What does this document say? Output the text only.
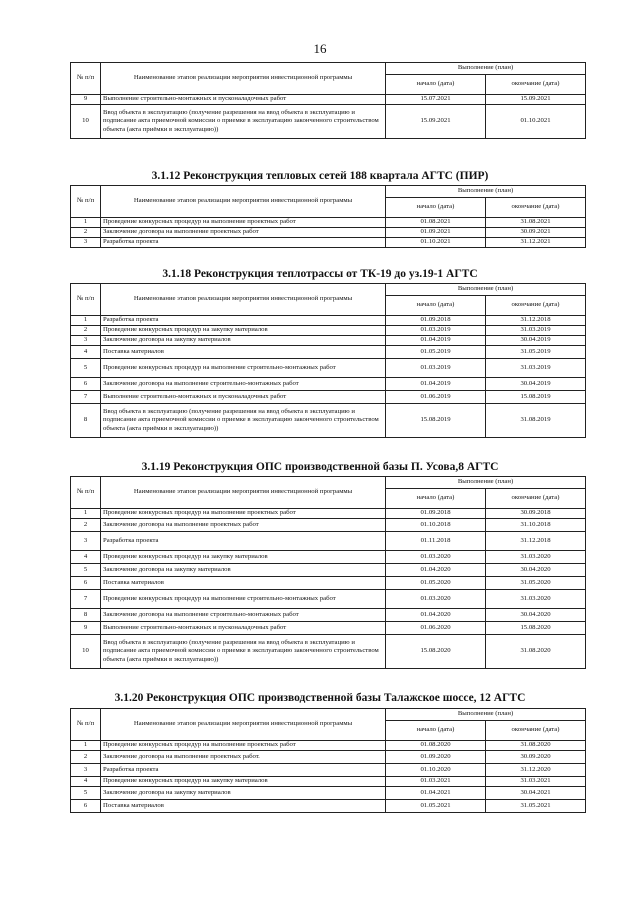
16
№ п/п	Наименование этапов реализации мероприятия инвестиционной программы	Выполнение (план)	
		начало (дата)	окончание (дата)
9	Выполнение строительно-монтажных и пусконаладочных работ	15.07.2021	15.09.2021
10	Ввод объекта в эксплуатацию (получение разрешения на ввод объекта в эксплуатацию и подписание акта приемочной комиссии о приемке в эксплуатацию законченного строительством объекта (акта приёмки в эксплуатацию))	15.09.2021	01.10.2021
3.1.12 Реконструкция тепловых сетей 188 квартала АГТС (ПИР)
№ п/п	Наименование этапов реализации мероприятия инвестиционной программы	Выполнение (план)	
		начало (дата)	окончание (дата)
1	Проведение конкурсных процедур на выполнение проектных работ	01.08.2021	31.08.2021
2	Заключение договора на выполнение проектных работ	01.09.2021	30.09.2021
3	Разработка проекта	01.10.2021	31.12.2021
3.1.18 Реконструкция теплотрассы от ТК-19 до уз.19-1 АГТС
№ п/п	Наименование этапов реализации мероприятия инвестиционной программы	Выполнение (план)	
		начало (дата)	окончание (дата)
1	Разработка проекта	01.09.2018	31.12.2018
2	Проведение конкурсных процедур на закупку материалов	01.03.2019	31.03.2019
3	Заключение договора на закупку материалов	01.04.2019	30.04.2019
4	Поставка материалов	01.05.2019	31.05.2019
5	Проведение конкурсных процедур на выполнение строительно-монтажных работ	01.03.2019	31.03.2019
6	Заключение договора на выполнение строительно-монтажных работ	01.04.2019	30.04.2019
7	Выполнение строительно-монтажных и пусконаладочных работ	01.06.2019	15.08.2019
8	Ввод объекта в эксплуатацию (получение разрешения на ввод объекта в эксплуатацию и подписание акта приемочной комиссии о приемке в эксплуатацию законченного строительством объекта (акта приёмки в эксплуатацию))	15.08.2019	31.08.2019
3.1.19 Реконструкция ОПС производственной базы П. Усова,8 АГТС
№ п/п	Наименование этапов реализации мероприятия инвестиционной программы	Выполнение (план)	
		начало (дата)	окончание (дата)
1	Проведение конкурсных процедур на выполнение проектных работ	01.09.2018	30.09.2018
2	Заключение договора на выполнение проектных работ	01.10.2018	31.10.2018
3	Разработка проекта	01.11.2018	31.12.2018
4	Проведение конкурсных процедур на закупку материалов	01.03.2020	31.03.2020
5	Заключение договора на закупку материалов	01.04.2020	30.04.2020
6	Поставка материалов	01.05.2020	31.05.2020
7	Проведение конкурсных процедур на выполнение строительно-монтажных работ	01.03.2020	31.03.2020
8	Заключение договора на выполнение строительно-монтажных работ	01.04.2020	30.04.2020
9	Выполнение строительно-монтажных и пусконаладочных работ	01.06.2020	15.08.2020
10	Ввод объекта в эксплуатацию (получение разрешения на ввод объекта в эксплуатацию и подписание акта приемочной комиссии о приемке в эксплуатацию законченного строительством объекта (акта приёмки в эксплуатацию))	15.08.2020	31.08.2020
3.1.20 Реконструкция ОПС производственной базы Талажское шоссе, 12 АГТС
№ п/п	Наименование этапов реализации мероприятия инвестиционной программы	Выполнение (план)	
		начало (дата)	окончание (дата)
1	Проведение конкурсных процедур на выполнение проектных работ	01.08.2020	31.08.2020
2	Заключение договора на выполнение проектных работ.	01.09.2020	30.09.2020
3	Разработка проекта	01.10.2020	31.12.2020
4	Проведение конкурсных процедур на закупку материалов	01.03.2021	31.03.2021
5	Заключение договора на закупку материалов	01.04.2021	30.04.2021
6	Поставка материалов	01.05.2021	31.05.2021
